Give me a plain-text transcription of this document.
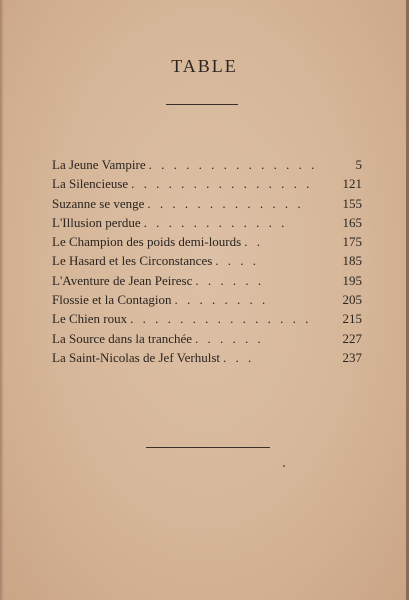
TABLE
La Jeune Vampire . . . . . . . . . . . . . .	5
La Silencieuse . . . . . . . . . . . . . . .	121
Suzanne se venge . . . . . . . . . . . . .	155
L'Illusion perdue . . . . . . . . . . . .	165
Le Champion des poids demi-lourds . .	175
Le Hasard et les Circonstances . . . .	185
L'Aventure de Jean Peiresc . . . . . .	195
Flossie et la Contagion . . . . . . . .	205
Le Chien roux . . . . . . . . . . . . . . .	215
La Source dans la tranchée . . . . . .	227
La Saint-Nicolas de Jef Verhulst . . .	237
